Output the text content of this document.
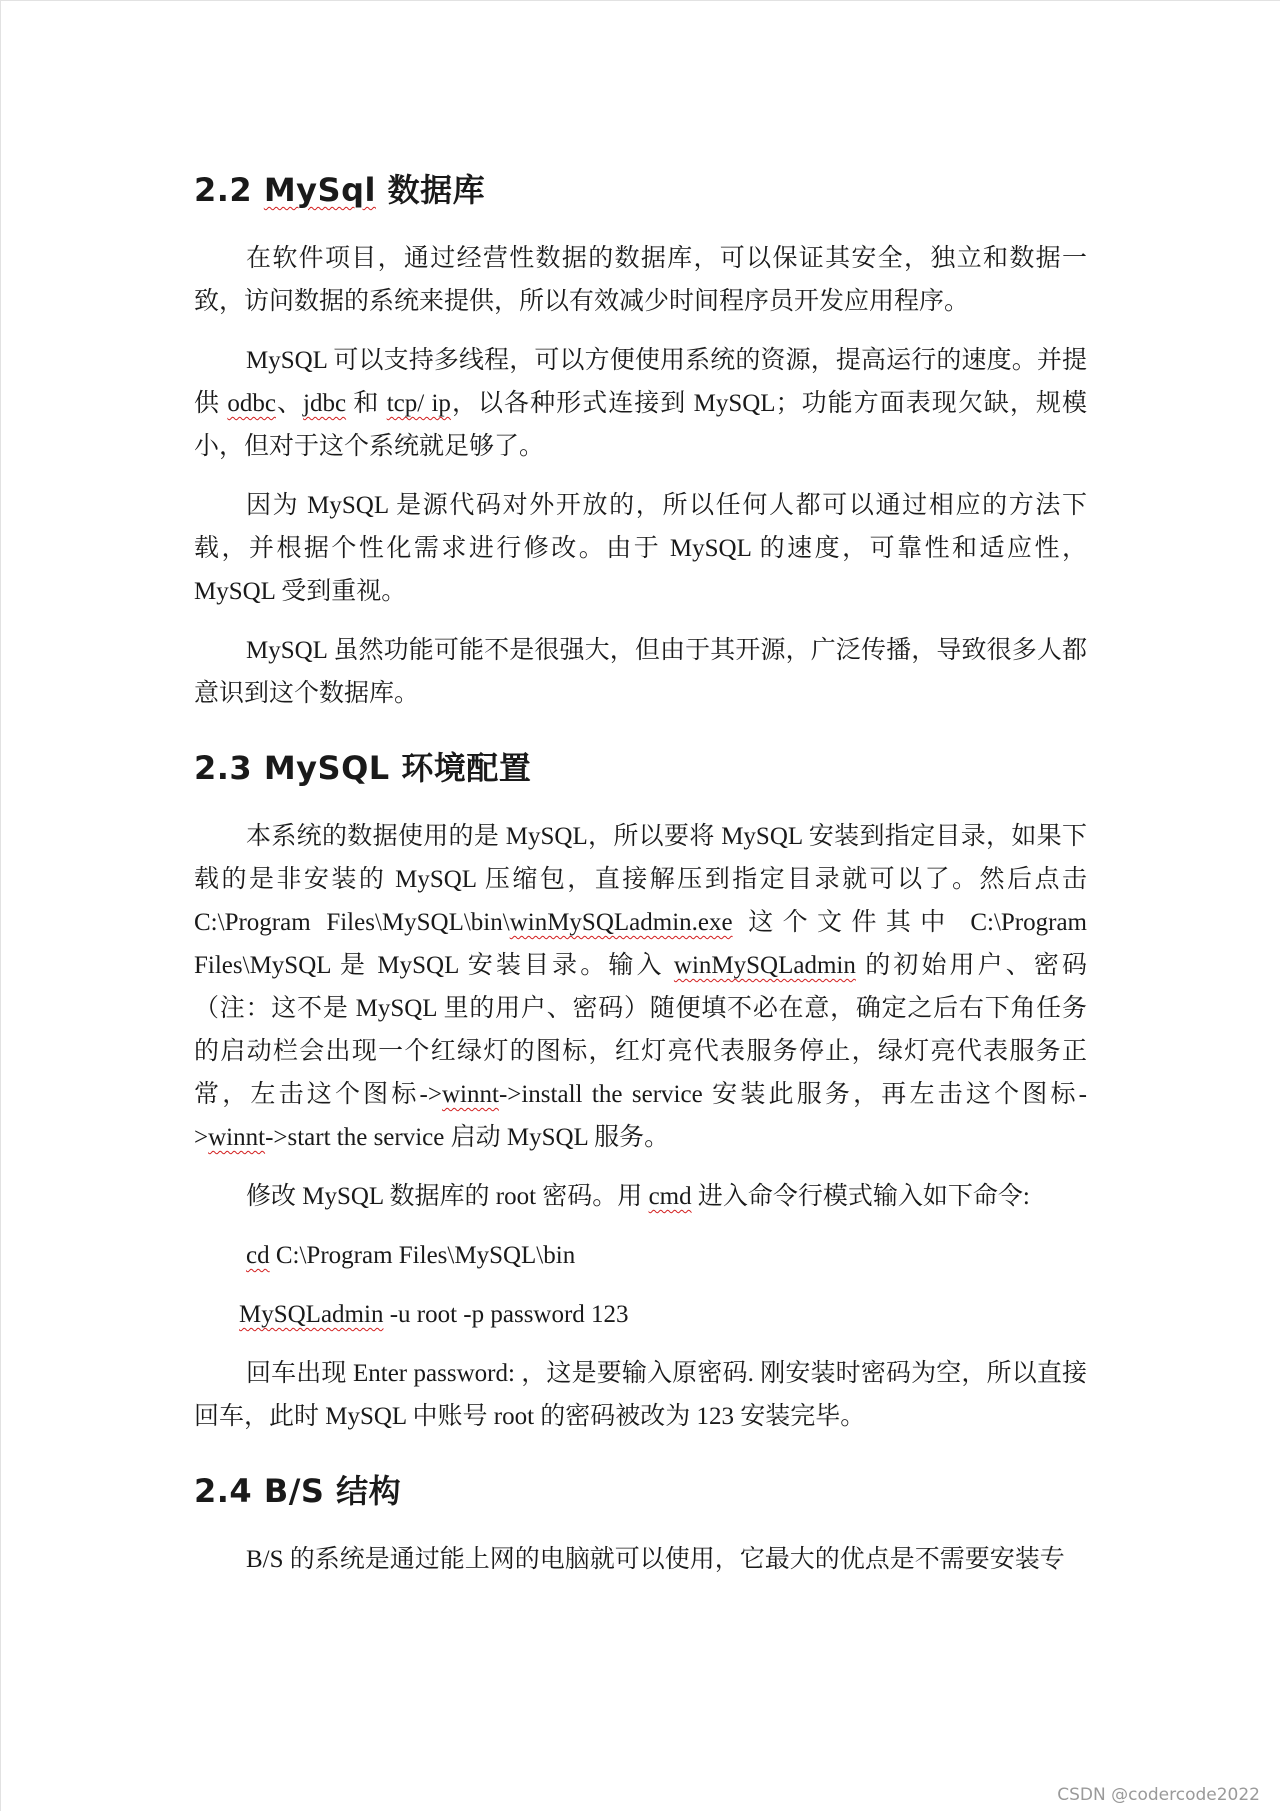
2.2 MySql 数据库

在软件项目，通过经营性数据的数据库，可以保证其安全，独立和数据一致，访问数据的系统来提供，所以有效减少时间程序员开发应用程序。

MySQL 可以支持多线程，可以方便使用系统的资源，提高运行的速度。并提供 odbc、jdbc 和 tcp/ ip，以各种形式连接到 MySQL；功能方面表现欠缺，规模小，但对于这个系统就足够了。

因为 MySQL 是源代码对外开放的，所以任何人都可以通过相应的方法下载，并根据个性化需求进行修改。由于 MySQL 的速度，可靠性和适应性，MySQL 受到重视。

MySQL 虽然功能可能不是很强大，但由于其开源，广泛传播，导致很多人都意识到这个数据库。

2.3 MySQL 环境配置

本系统的数据使用的是 MySQL，所以要将 MySQL 安装到指定目录，如果下载的是非安装的 MySQL 压缩包，直接解压到指定目录就可以了。然后点击 C:\Program Files\MySQL\bin\winMySQLadmin.exe 这个文件其中 C:\Program Files\MySQL 是 MySQL 安装目录。输入 winMySQLadmin 的初始用户、密码（注：这不是 MySQL 里的用户、密码）随便填不必在意，确定之后右下角任务的启动栏会出现一个红绿灯的图标，红灯亮代表服务停止，绿灯亮代表服务正常，左击这个图标->winnt->install the service 安装此服务，再左击这个图标->winnt->start the service 启动 MySQL 服务。

修改 MySQL 数据库的 root 密码。用 cmd 进入命令行模式输入如下命令:

cd C:\Program Files\MySQL\bin

MySQLadmin -u root -p password 123

回车出现 Enter password: ，这是要输入原密码. 刚安装时密码为空，所以直接回车，此时 MySQL 中账号 root 的密码被改为 123 安装完毕。

2.4 B/S 结构

B/S 的系统是通过能上网的电脑就可以使用，它最大的优点是不需要安装专

CSDN @codercode2022
